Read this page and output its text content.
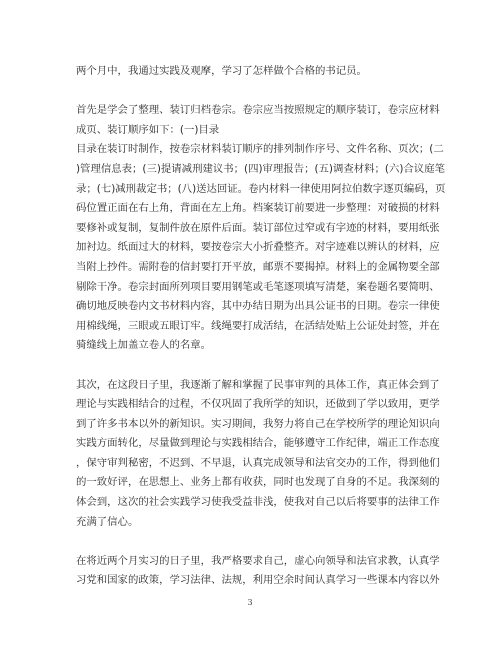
两个月中，我通过实践及观摩，学习了怎样做个合格的书记员。
首先是学会了整理、装订归档卷宗。卷宗应当按照规定的顺序装订，卷宗应材料
成页、装订顺序如下：(一)目录
目录在装订时制作，按卷宗材料装订顺序的排列制作序号、文件名称、页次；(二
)管理信息表；(三)提请减刑建议书；(四)审理报告；(五)调查材料；(六)合议庭笔
录；(七)减刑裁定书；(八)送达回证。卷内材料一律使用阿拉伯数字逐页编码，页
码位置正面在右上角，背面在左上角。档案装订前要进一步整理：对破损的材料
要修补或复制，复制件放在原件后面。装订部位过窄或有字迹的材料，要用纸张
加衬边。纸面过大的材料，要按卷宗大小折叠整齐。对字迹难以辨认的材料，应
当附上抄件。需附卷的信封要打开平放，邮票不要揭掉。材料上的金属物要全部
剔除干净。卷宗封面所列项目要用钢笔或毛笔逐项填写清楚，案卷题名要简明、
确切地反映卷内文书材料内容，其中办结日期为出具公证书的日期。卷宗一律使
用棉线绳，三眼或五眼订牢。线绳要打成活结，在活结处贴上公证处封签，并在
骑缝线上加盖立卷人的名章。
其次，在这段日子里，我逐渐了解和掌握了民事审判的具体工作，真正体会到了
理论与实践相结合的过程，不仅巩固了我所学的知识，还做到了学以致用，更学
到了许多书本以外的新知识。实习期间，我努力将自己在学校所学的理论知识向
实践方面转化，尽量做到理论与实践相结合，能够遵守工作纪律，端正工作态度
，保守审判秘密，不迟到、不早退，认真完成领导和法官交办的工作，得到他们
的一致好评，在思想上、业务上都有收获，同时也发现了自身的不足。我深刻的
体会到，这次的社会实践学习使我受益非浅，使我对自己以后将要事的法律工作
充满了信心。
在将近两个月实习的日子里，我严格要求自己，虚心向领导和法官求教，认真学
习党和国家的政策，学习法律、法规，利用空余时间认真学习一些课本内容以外
3
